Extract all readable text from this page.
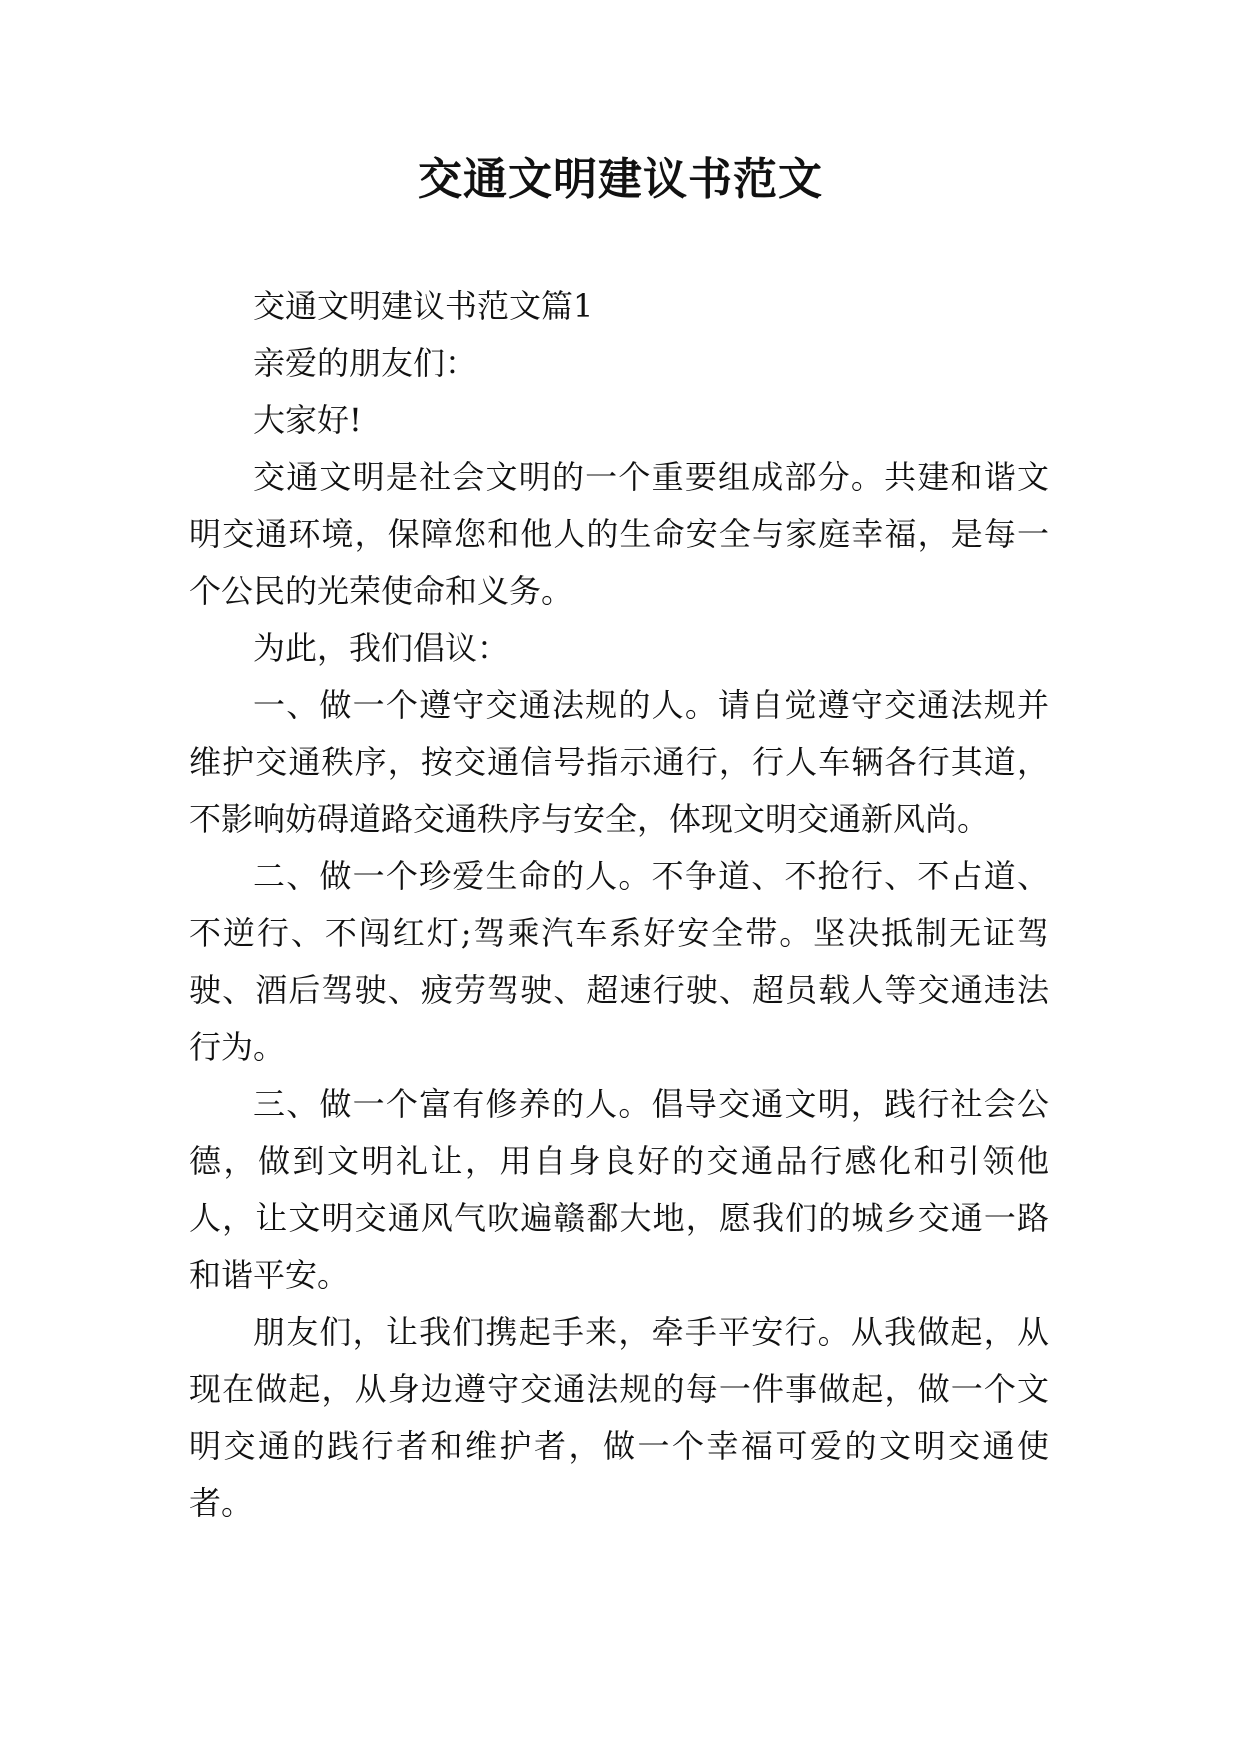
交通文明建议书范文

交通文明建议书范文篇1

亲爱的朋友们：

大家好!

交通文明是社会文明的一个重要组成部分。共建和谐文明交通环境，保障您和他人的生命安全与家庭幸福，是每一个公民的光荣使命和义务。

为此，我们倡议：

一、做一个遵守交通法规的人。请自觉遵守交通法规并维护交通秩序，按交通信号指示通行，行人车辆各行其道，不影响妨碍道路交通秩序与安全，体现文明交通新风尚。

二、做一个珍爱生命的人。不争道、不抢行、不占道、不逆行、不闯红灯;驾乘汽车系好安全带。坚决抵制无证驾驶、酒后驾驶、疲劳驾驶、超速行驶、超员载人等交通违法行为。

三、做一个富有修养的人。倡导交通文明，践行社会公德，做到文明礼让，用自身良好的交通品行感化和引领他人，让文明交通风气吹遍赣鄱大地，愿我们的城乡交通一路和谐平安。

朋友们，让我们携起手来，牵手平安行。从我做起，从现在做起，从身边遵守交通法规的每一件事做起，做一个文明交通的践行者和维护者，做一个幸福可爱的文明交通使者。
